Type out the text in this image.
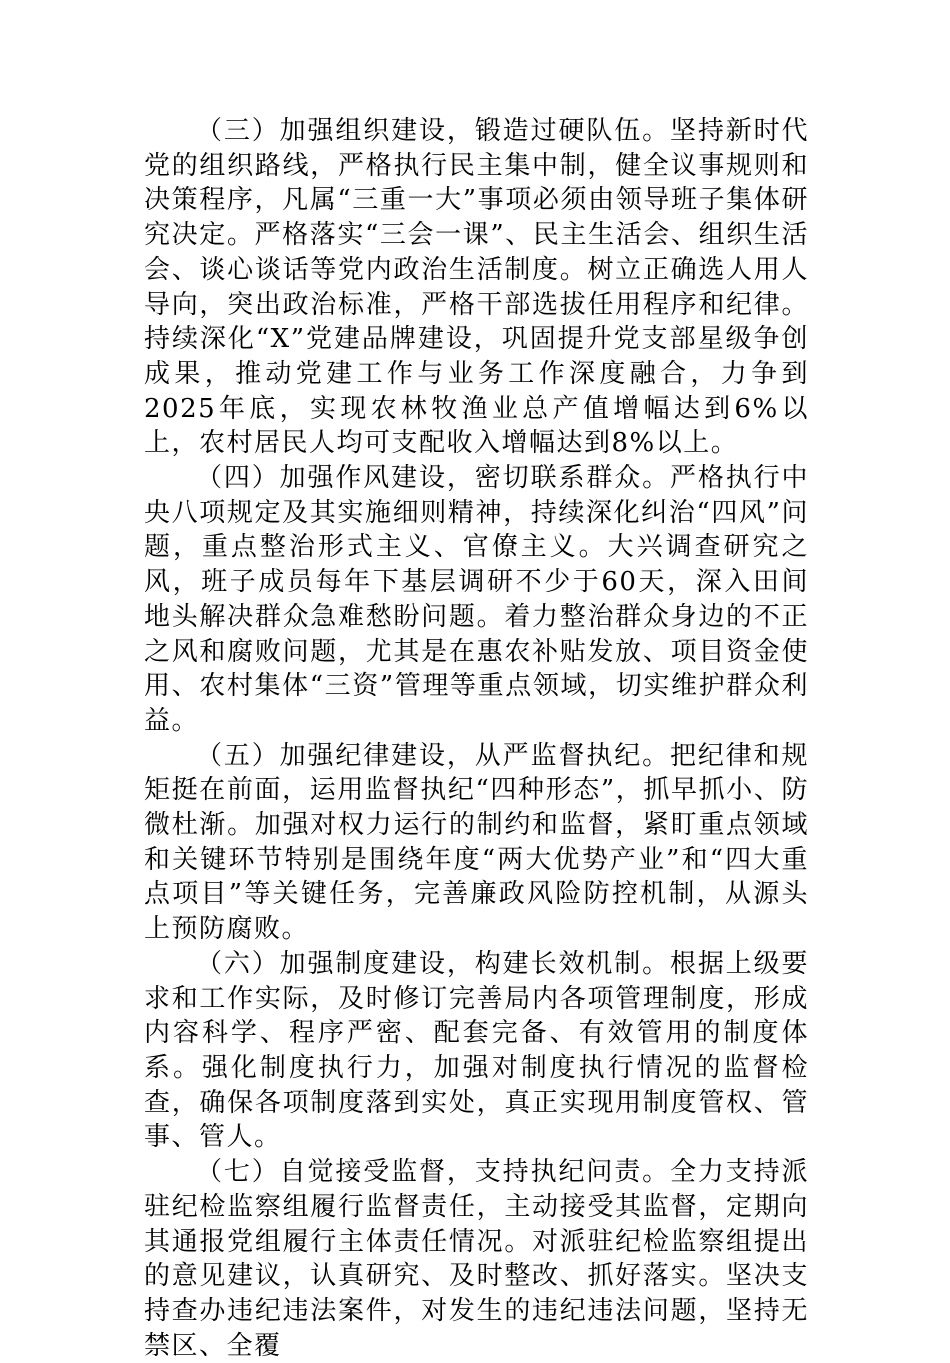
（三）加强组织建设，锻造过硬队伍。坚持新时代党的组织路线，严格执行民主集中制，健全议事规则和决策程序，凡属“三重一大”事项必须由领导班子集体研究决定。严格落实“三会一课”、民主生活会、组织生活会、谈心谈话等党内政治生活制度。树立正确选人用人导向，突出政治标准，严格干部选拔任用程序和纪律。持续深化“X”党建品牌建设，巩固提升党支部星级争创成果，推动党建工作与业务工作深度融合，力争到2025年底，实现农林牧渔业总产值增幅达到6%以上，农村居民人均可支配收入增幅达到8%以上。

（四）加强作风建设，密切联系群众。严格执行中央八项规定及其实施细则精神，持续深化纠治“四风”问题，重点整治形式主义、官僚主义。大兴调查研究之风，班子成员每年下基层调研不少于60天，深入田间地头解决群众急难愁盼问题。着力整治群众身边的不正之风和腐败问题，尤其是在惠农补贴发放、项目资金使用、农村集体“三资”管理等重点领域，切实维护群众利益。

（五）加强纪律建设，从严监督执纪。把纪律和规矩挺在前面，运用监督执纪“四种形态”，抓早抓小、防微杜渐。加强对权力运行的制约和监督，紧盯重点领域和关键环节特别是围绕年度“两大优势产业”和“四大重点项目”等关键任务，完善廉政风险防控机制，从源头上预防腐败。

（六）加强制度建设，构建长效机制。根据上级要求和工作实际，及时修订完善局内各项管理制度，形成内容科学、程序严密、配套完备、有效管用的制度体系。强化制度执行力，加强对制度执行情况的监督检查，确保各项制度落到实处，真正实现用制度管权、管事、管人。

（七）自觉接受监督，支持执纪问责。全力支持派驻纪检监察组履行监督责任，主动接受其监督，定期向其通报党组履行主体责任情况。对派驻纪检监察组提出的意见建议，认真研究、及时整改、抓好落实。坚决支持查办违纪违法案件，对发生的违纪违法问题，坚持无禁区、全覆
